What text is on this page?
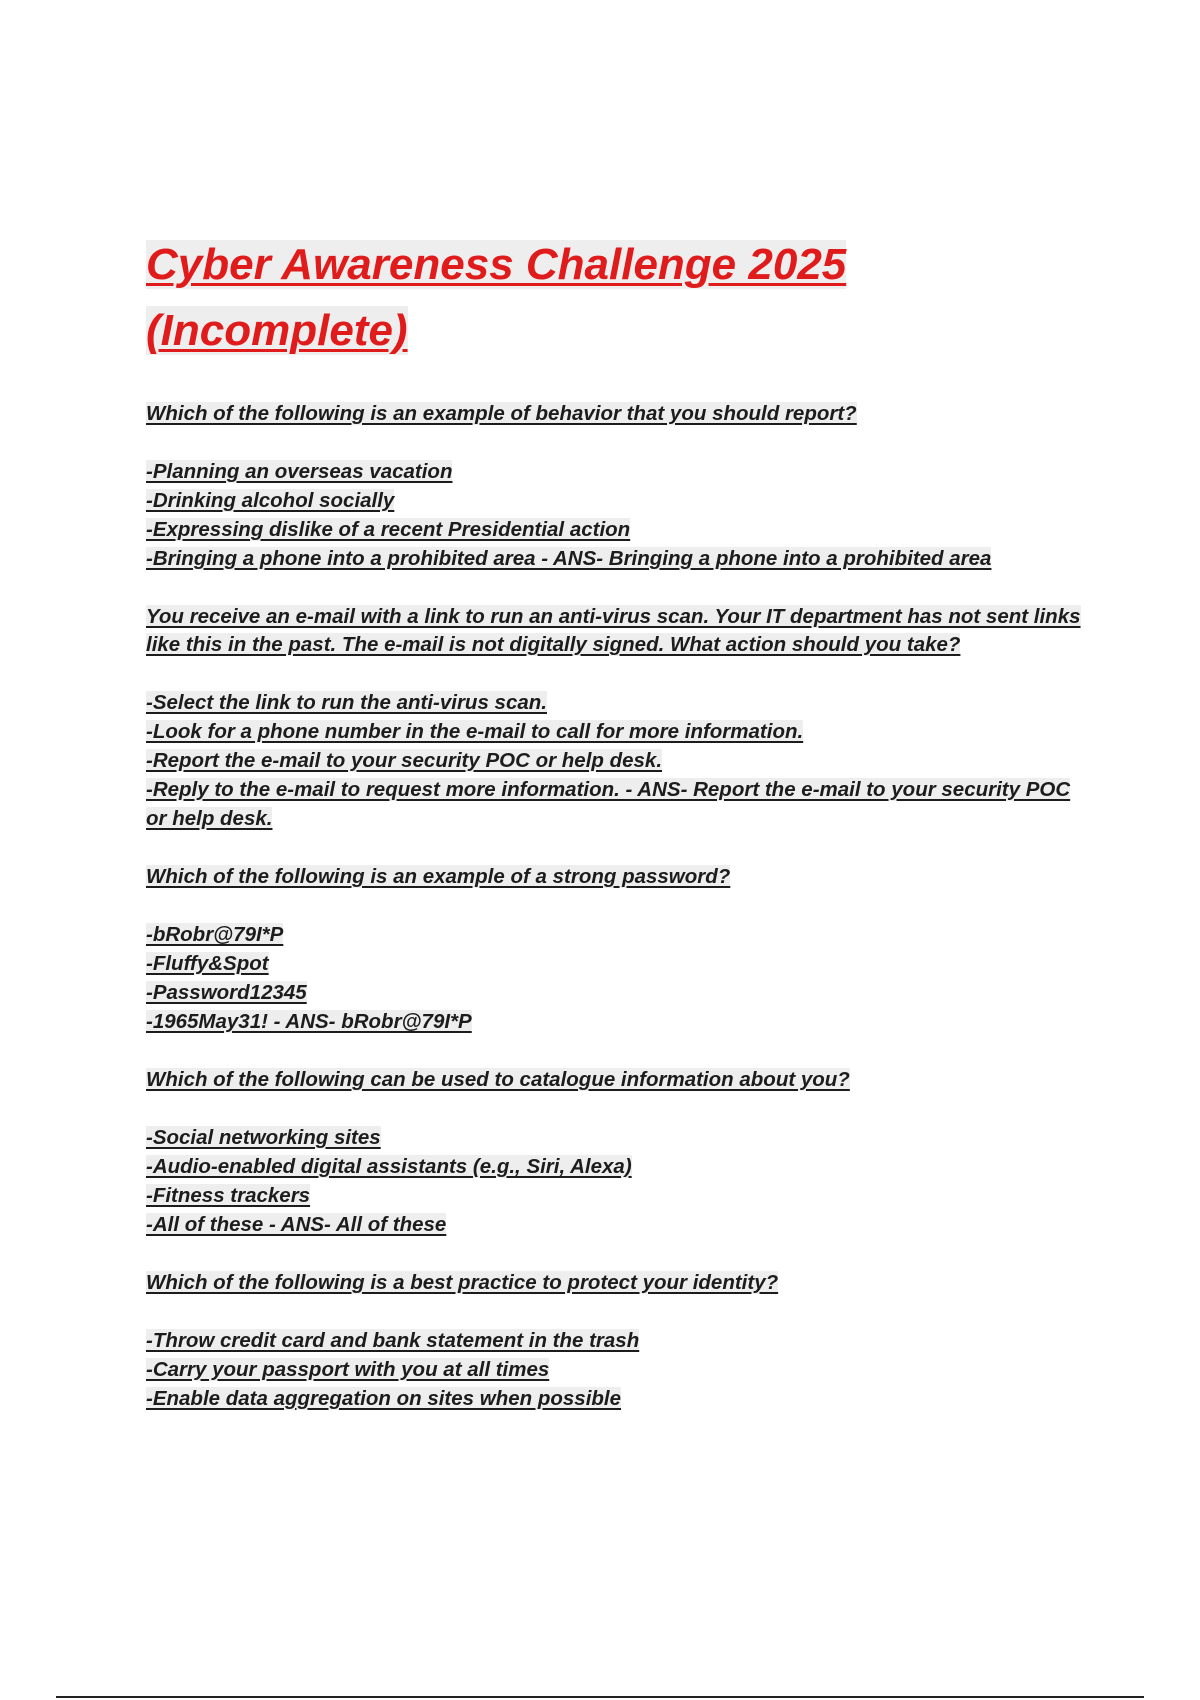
Cyber Awareness Challenge 2025 (Incomplete)

Which of the following is an example of behavior that you should report?

-Planning an overseas vacation
-Drinking alcohol socially
-Expressing dislike of a recent Presidential action
-Bringing a phone into a prohibited area - ANS- Bringing a phone into a prohibited area

You receive an e-mail with a link to run an anti-virus scan. Your IT department has not sent links like this in the past. The e-mail is not digitally signed. What action should you take?

-Select the link to run the anti-virus scan.
-Look for a phone number in the e-mail to call for more information.
-Report the e-mail to your security POC or help desk.
-Reply to the e-mail to request more information. - ANS- Report the e-mail to your security POC or help desk.

Which of the following is an example of a strong password?

-bRobr@79I*P
-Fluffy&Spot
-Password12345
-1965May31! - ANS- bRobr@79I*P

Which of the following can be used to catalogue information about you?

-Social networking sites
-Audio-enabled digital assistants (e.g., Siri, Alexa)
-Fitness trackers
-All of these - ANS- All of these

Which of the following is a best practice to protect your identity?

-Throw credit card and bank statement in the trash
-Carry your passport with you at all times
-Enable data aggregation on sites when possible
